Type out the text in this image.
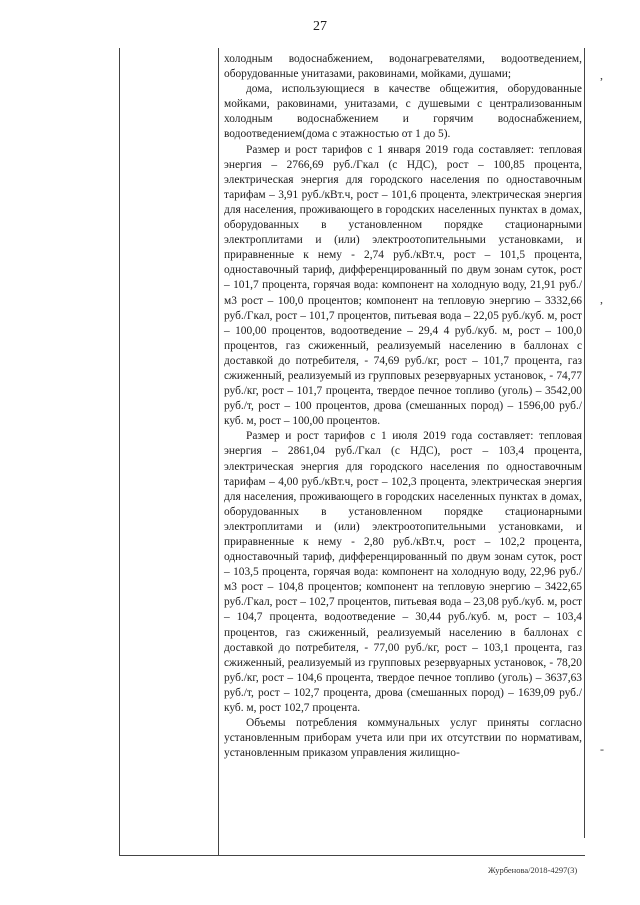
27

холодным водоснабжением, водонагревателями, водоотведением, оборудованные унитазами, раковинами, мойками, душами;

дома, использующиеся в качестве общежития, оборудованные мойками, раковинами, унитазами, с душевыми с централизованным холодным водоснабжением и горячим водоснабжением, водоотведением(дома с этажностью от 1 до 5).

Размер и рост тарифов с 1 января 2019 года составляет: тепловая энергия – 2766,69 руб./Гкал (с НДС), рост – 100,85 процента, электрическая энергия для городского населения по одноставочным тарифам – 3,91 руб./кВт.ч, рост – 101,6 процента, электрическая энергия для населения, проживающего в городских населенных пунктах в домах, оборудованных в установленном порядке стационарными электроплитами и (или) электроотопительными установками, и приравненные к нему - 2,74 руб./кВт.ч, рост – 101,5 процента, одноставочный тариф, дифференцированный по двум зонам суток, рост – 101,7 процента, горячая вода: компонент на холодную воду, 21,91 руб./м3 рост – 100,0 процентов; компонент на тепловую энергию – 3332,66 руб./Гкал, рост – 101,7 процентов, питьевая вода – 22,05 руб./куб. м, рост – 100,00 процентов, водоотведение – 29,4 4 руб./куб. м, рост – 100,0 процентов, газ сжиженный, реализуемый населению в баллонах с доставкой до потребителя, - 74,69 руб./кг, рост – 101,7 процента, газ сжиженный, реализуемый из групповых резервуарных установок, - 74,77 руб./кг, рост – 101,7 процента, твердое печное топливо (уголь) – 3542,00 руб./т, рост – 100 процентов, дрова (смешанных пород) – 1596,00 руб./куб. м, рост – 100,00 процентов.

Размер и рост тарифов с 1 июля 2019 года составляет: тепловая энергия – 2861,04 руб./Гкал (с НДС), рост – 103,4 процента, электрическая энергия для городского населения по одноставочным тарифам – 4,00 руб./кВт.ч, рост – 102,3 процента, электрическая энергия для населения, проживающего в городских населенных пунктах в домах, оборудованных в установленном порядке стационарными электроплитами и (или) электроотопительными установками, и приравненные к нему - 2,80 руб./кВт.ч, рост – 102,2 процента, одноставочный тариф, дифференцированный по двум зонам суток, рост – 103,5 процента, горячая вода: компонент на холодную воду, 22,96 руб./м3 рост – 104,8 процентов; компонент на тепловую энергию – 3422,65 руб./Гкал, рост – 102,7 процентов, питьевая вода – 23,08 руб./куб. м, рост – 104,7 процента, водоотведение – 30,44 руб./куб. м, рост – 103,4 процентов, газ сжиженный, реализуемый населению в баллонах с доставкой до потребителя, - 77,00 руб./кг, рост – 103,1 процента, газ сжиженный, реализуемый из групповых резервуарных установок, - 78,20 руб./кг, рост – 104,6 процента, твердое печное топливо (уголь) – 3637,63 руб./т, рост – 102,7 процента, дрова (смешанных пород) – 1639,09 руб./куб. м, рост 102,7 процента.

Объемы потребления коммунальных услуг приняты согласно установленным приборам учета или при их отсутствии по нормативам, установленным приказом управления жилищно-

,
,
-
Журбенова/2018-4297(3)
